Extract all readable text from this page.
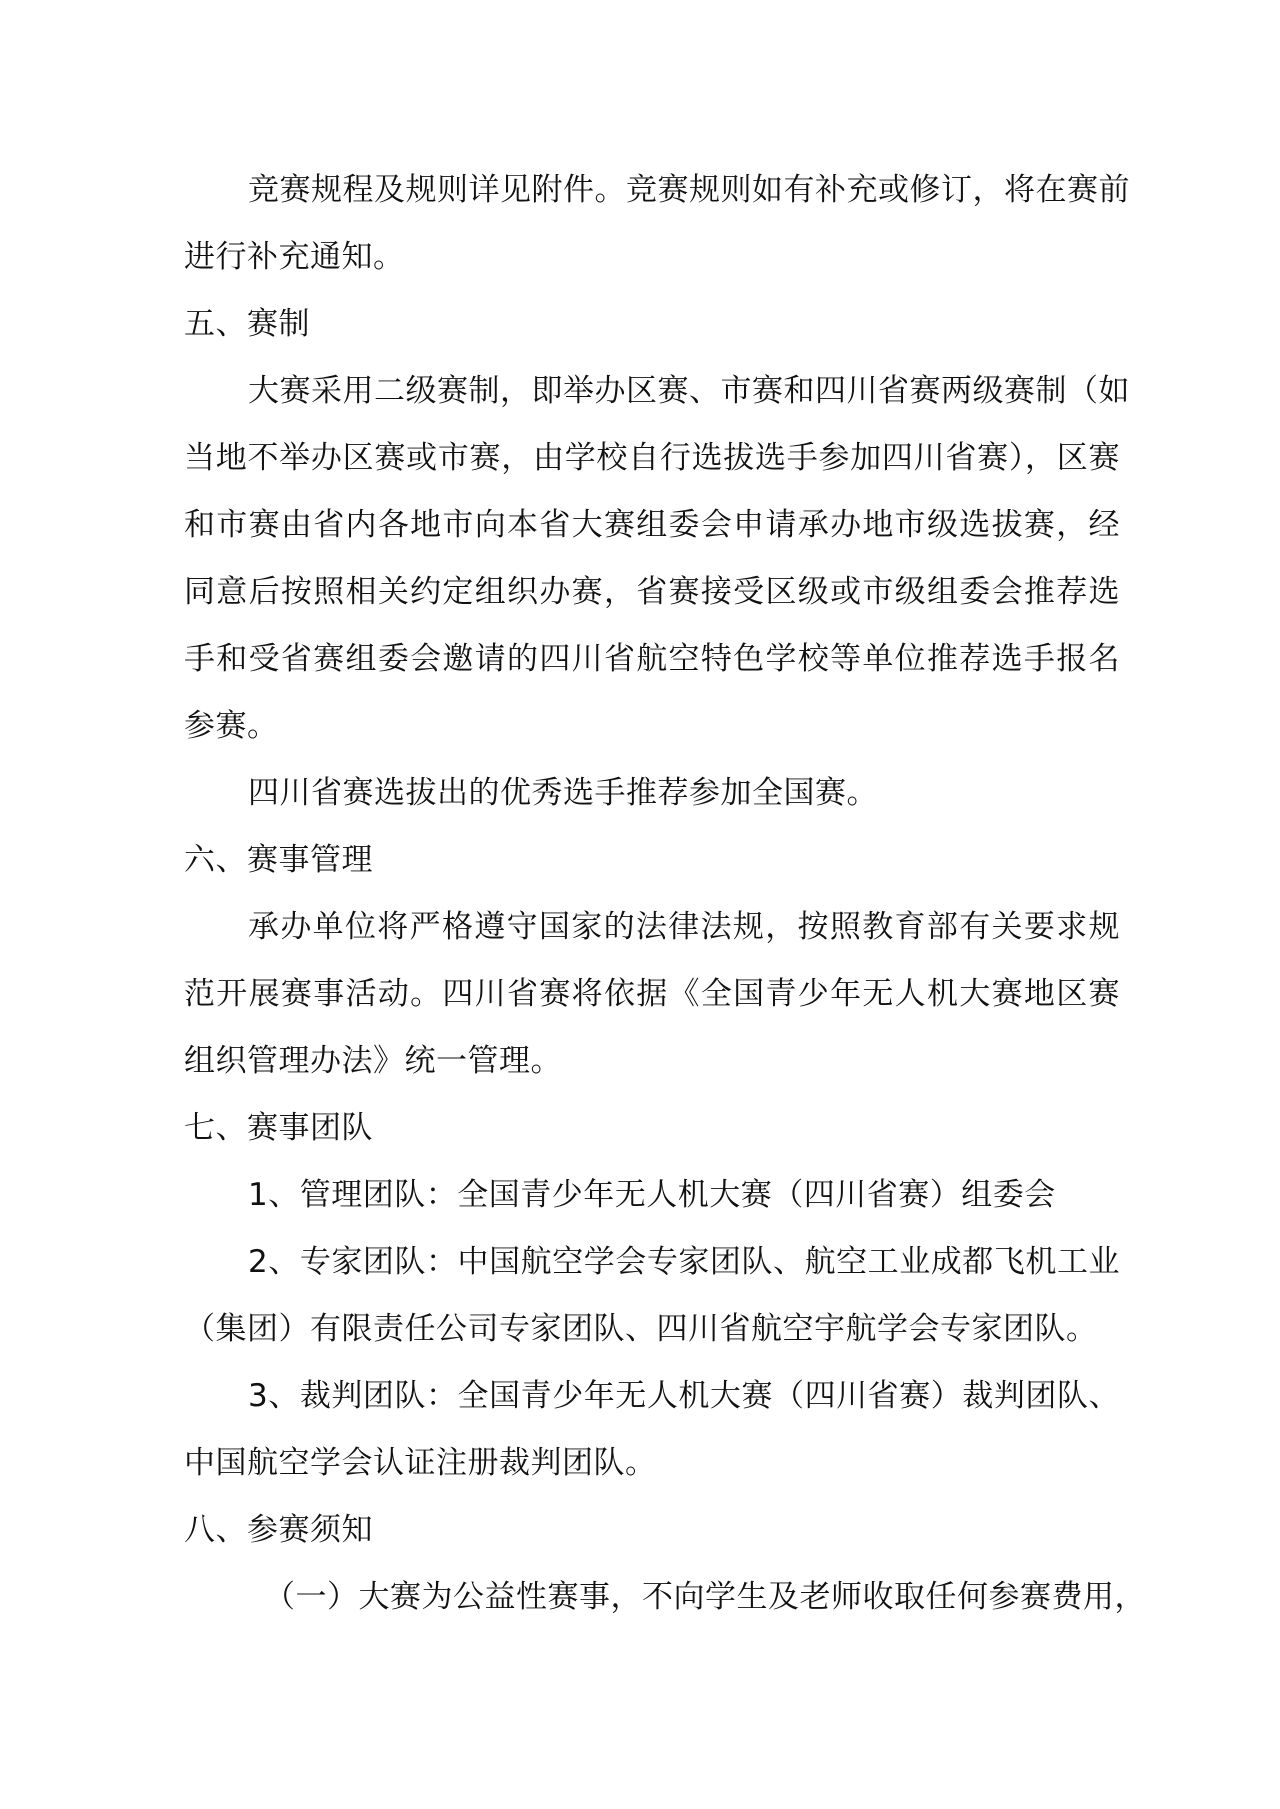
竞赛规程及规则详见附件。竞赛规则如有补充或修订，将在赛前
进行补充通知。
五、赛制
大赛采用二级赛制，即举办区赛、市赛和四川省赛两级赛制（如
当地不举办区赛或市赛，由学校自行选拔选手参加四川省赛），区赛
和市赛由省内各地市向本省大赛组委会申请承办地市级选拔赛，经
同意后按照相关约定组织办赛，省赛接受区级或市级组委会推荐选
手和受省赛组委会邀请的四川省航空特色学校等单位推荐选手报名
参赛。
四川省赛选拔出的优秀选手推荐参加全国赛。
六、赛事管理
承办单位将严格遵守国家的法律法规，按照教育部有关要求规
范开展赛事活动。四川省赛将依据《全国青少年无人机大赛地区赛
组织管理办法》统一管理。
七、赛事团队
1、管理团队：全国青少年无人机大赛（四川省赛）组委会
2、专家团队：中国航空学会专家团队、航空工业成都飞机工业
（集团）有限责任公司专家团队、四川省航空宇航学会专家团队。
3、裁判团队：全国青少年无人机大赛（四川省赛）裁判团队、
中国航空学会认证注册裁判团队。
八、参赛须知
（一）大赛为公益性赛事，不向学生及老师收取任何参赛费用，
